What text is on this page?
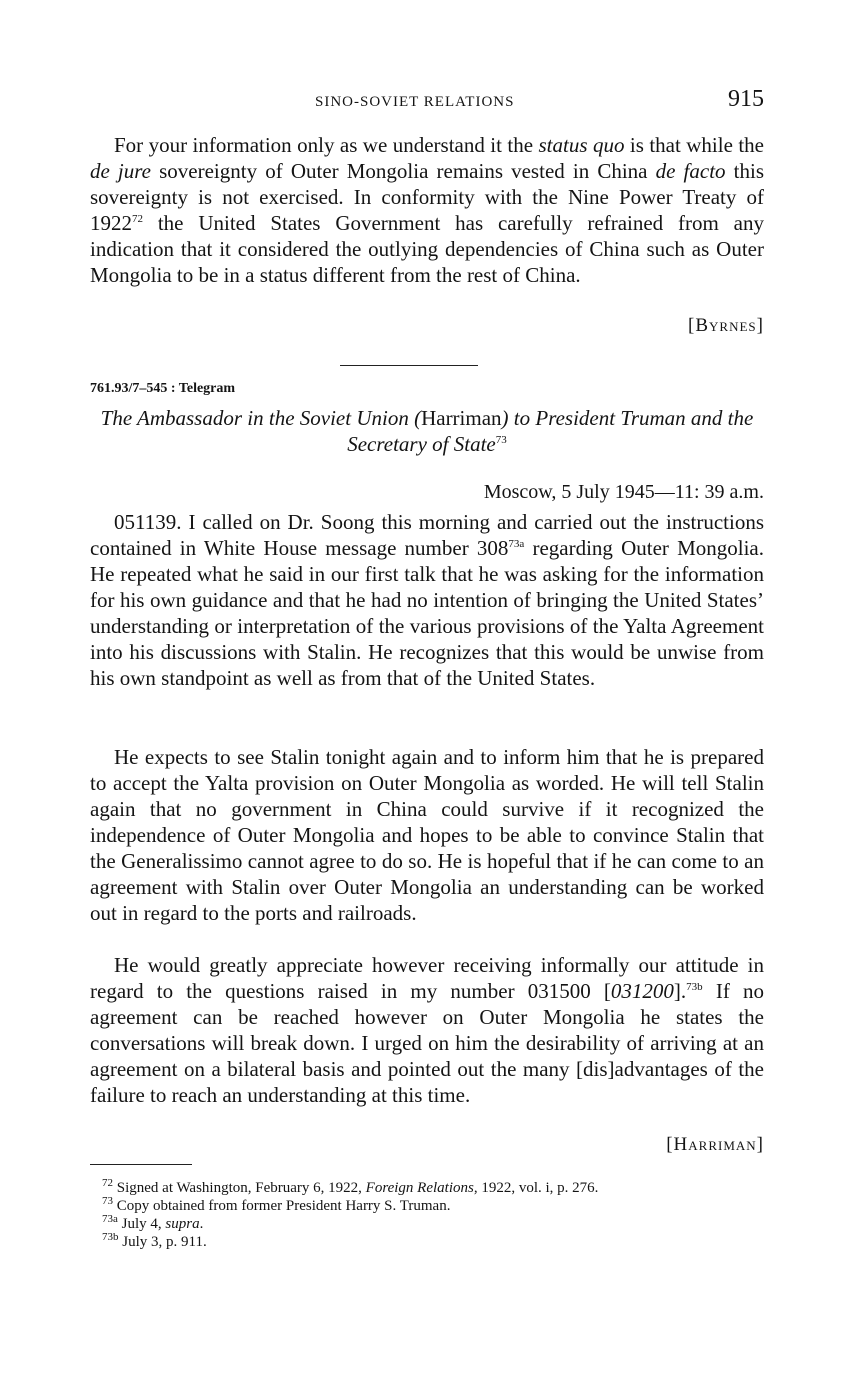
SINO-SOVIET RELATIONS	915

For your information only as we understand it the status quo is that while the de jure sovereignty of Outer Mongolia remains vested in China de facto this sovereignty is not exercised. In conformity with the Nine Power Treaty of 1922$^{72}$ the United States Government has carefully refrained from any indication that it considered the outlying dependencies of China such as Outer Mongolia to be in a status different from the rest of China.

[Byrnes]
761.93/7–545 : Telegram
The Ambassador in the Soviet Union (Harriman) to President Truman and the Secretary of State$^{73}$
Moscow, 5 July 1945—11: 39 a.m.

051139. I called on Dr. Soong this morning and carried out the instructions contained in White House message number $308^{73a}$ regarding Outer Mongolia. He repeated what he said in our first talk that he was asking for the information for his own guidance and that he had no intention of bringing the United States’ understanding or interpretation of the various provisions of the Yalta Agreement into his discussions with Stalin. He recognizes that this would be unwise from his own standpoint as well as from that of the United States.

He expects to see Stalin tonight again and to inform him that he is prepared to accept the Yalta provision on Outer Mongolia as worded. He will tell Stalin again that no government in China could survive if it recognized the independence of Outer Mongolia and hopes to be able to convince Stalin that the Generalissimo cannot agree to do so. He is hopeful that if he can come to an agreement with Stalin over Outer Mongolia an understanding can be worked out in regard to the ports and railroads.

He would greatly appreciate however receiving informally our attitude in regard to the questions raised in my number 031500 [031200].$^{73b}$ If no agreement can be reached however on Outer Mongolia he states the conversations will break down. I urged on him the desirability of arriving at an agreement on a bilateral basis and pointed out the many [dis]advantages of the failure to reach an understanding at this time.

[Harriman]

$^{72}$ Signed at Washington, February 6, 1922, Foreign Relations, 1922, vol. i, p. 276.

$^{73}$ Copy obtained from former President Harry S. Truman.

$^{73a}$ July 4, supra.

$^{73b}$ July 3, p. 911.
